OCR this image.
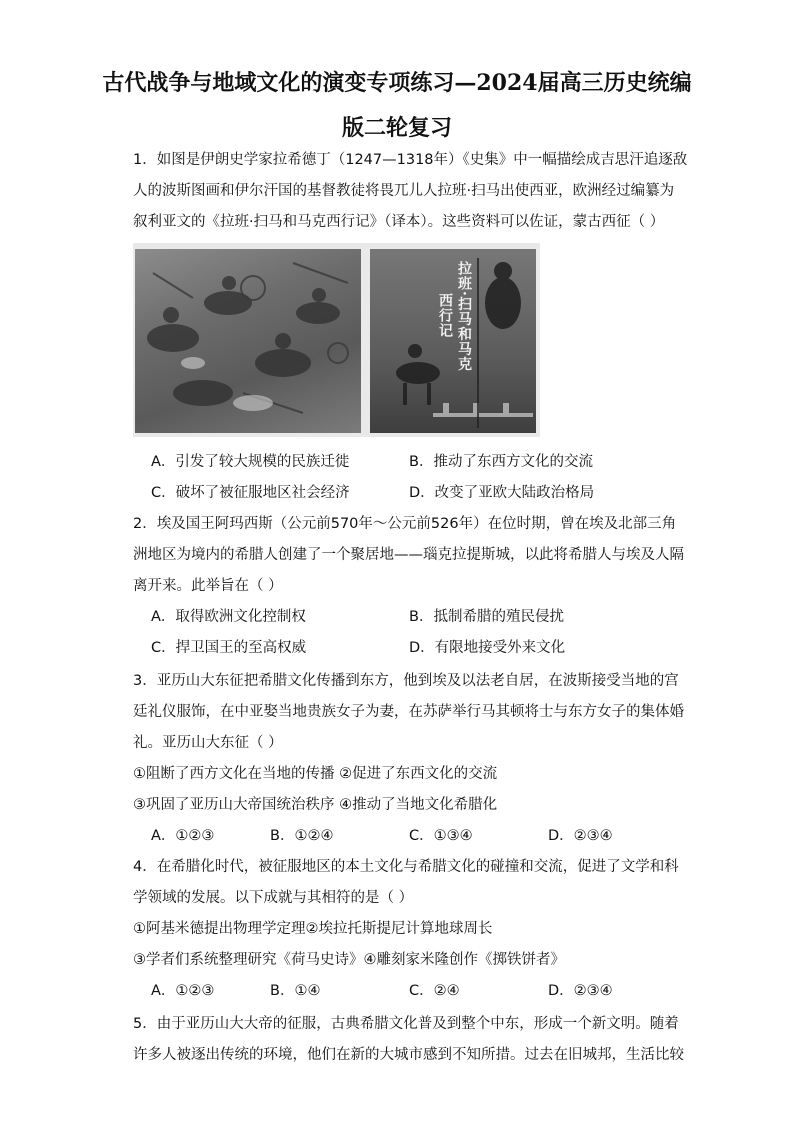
古代战争与地域文化的演变专项练习—2024届高三历史统编
版二轮复习
1．如图是伊朗史学家拉希德丁（1247—1318年）《史集》中一幅描绘成吉思汗追逐敌
人的波斯图画和伊尔汗国的基督教徒将畏兀儿人拉班·扫马出使西亚，欧洲经过编纂为
叙利亚文的《拉班·扫马和马克西行记》（译本）。这些资料可以佐证，蒙古西征（ ）
拉班·扫马和马克
西行记
A．引发了较大规模的民族迁徙	B．推动了东西方文化的交流
C．破坏了被征服地区社会经济	D．改变了亚欧大陆政治格局
2．埃及国王阿玛西斯（公元前570年～公元前526年）在位时期，曾在埃及北部三角
洲地区为境内的希腊人创建了一个聚居地——瑙克拉提斯城，以此将希腊人与埃及人隔
离开来。此举旨在（ ）
A．取得欧洲文化控制权	B．抵制希腊的殖民侵扰
C．捍卫国王的至高权威	D．有限地接受外来文化
3．亚历山大东征把希腊文化传播到东方，他到埃及以法老自居，在波斯接受当地的宫
廷礼仪服饰，在中亚娶当地贵族女子为妻，在苏萨举行马其顿将士与东方女子的集体婚
礼。亚历山大东征（ ）
①阻断了西方文化在当地的传播 ②促进了东西文化的交流
③巩固了亚历山大帝国统治秩序 ④推动了当地文化希腊化
A．①②③	B．①②④	C．①③④	D．②③④
4．在希腊化时代，被征服地区的本土文化与希腊文化的碰撞和交流，促进了文学和科
学领域的发展。以下成就与其相符的是（ ）
①阿基米德提出物理学定理②埃拉托斯提尼计算地球周长
③学者们系统整理研究《荷马史诗》④雕刻家米隆创作《掷铁饼者》
A．①②③	B．①④	C．②④	D．②③④
5．由于亚历山大大帝的征服，古典希腊文化普及到整个中东，形成一个新文明。随着
许多人被逐出传统的环境，他们在新的大城市感到不知所措。过去在旧城邦，生活比较
